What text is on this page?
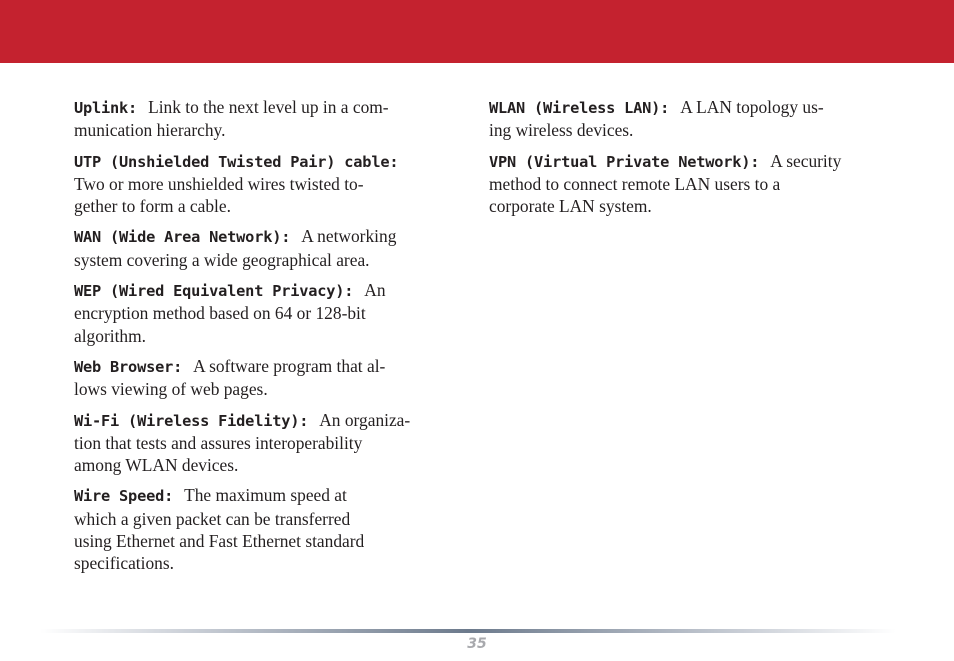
Uplink: Link to the next level up in a com-
munication hierarchy.
UTP (Unshielded Twisted Pair) cable:
Two or more unshielded wires twisted to-
gether to form a cable.
WAN (Wide Area Network): A networking
system covering a wide geographical area.
WEP (Wired Equivalent Privacy): An
encryption method based on 64 or 128-bit
algorithm.
Web Browser: A software program that al-
lows viewing of web pages.
Wi-Fi (Wireless Fidelity): An organiza-
tion that tests and assures interoperability
among WLAN devices.
Wire Speed: The maximum speed at
which a given packet can be transferred
using Ethernet and Fast Ethernet standard
specifications.
WLAN (Wireless LAN): A LAN topology us-
ing wireless devices.
VPN (Virtual Private Network): A security
method to connect remote LAN users to a
corporate LAN system.
35
